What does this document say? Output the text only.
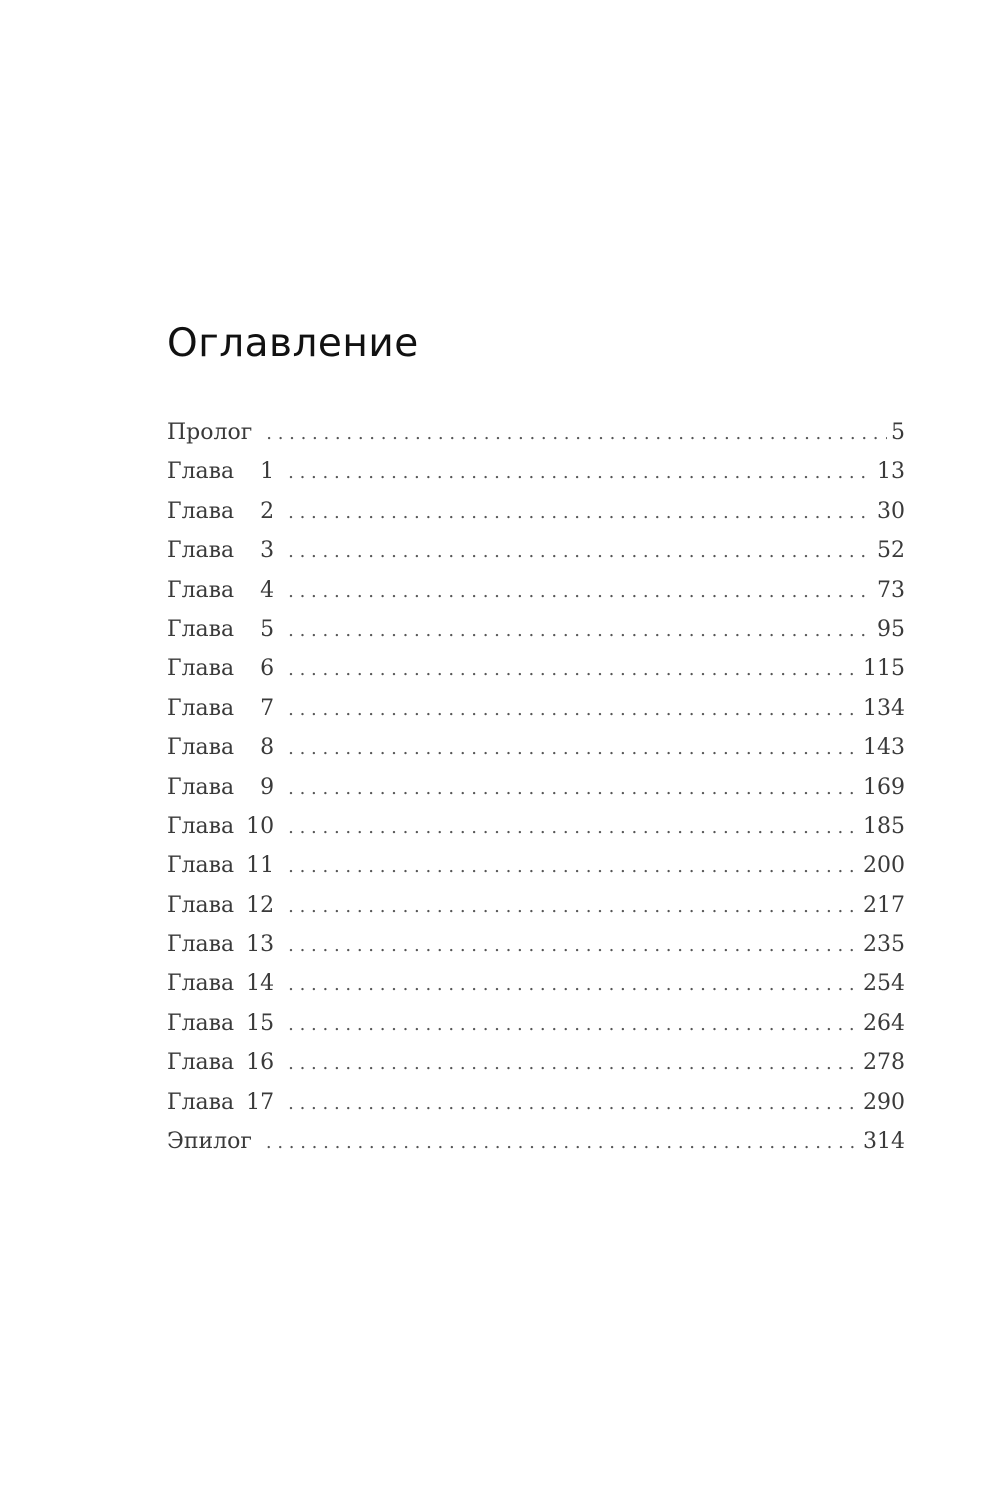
Оглавление
Пролог . . .	5
Глава	1 . . .	13
Глава	2 . . .	30
Глава	3 . . .	52
Глава	4 . . .	73
Глава	5 . . .	95
Глава	6 . . .	115
Глава	7 . . .	134
Глава	8 . . .	143
Глава	9 . . .	169
Глава 10 . . .	185
Глава 11 . . .	200
Глава 12 . . .	217
Глава 13 . . .	235
Глава 14 . . .	254
Глава 15 . . .	264
Глава 16 . . .	278
Глава 17 . . .	290
Эпилог . . .	314
